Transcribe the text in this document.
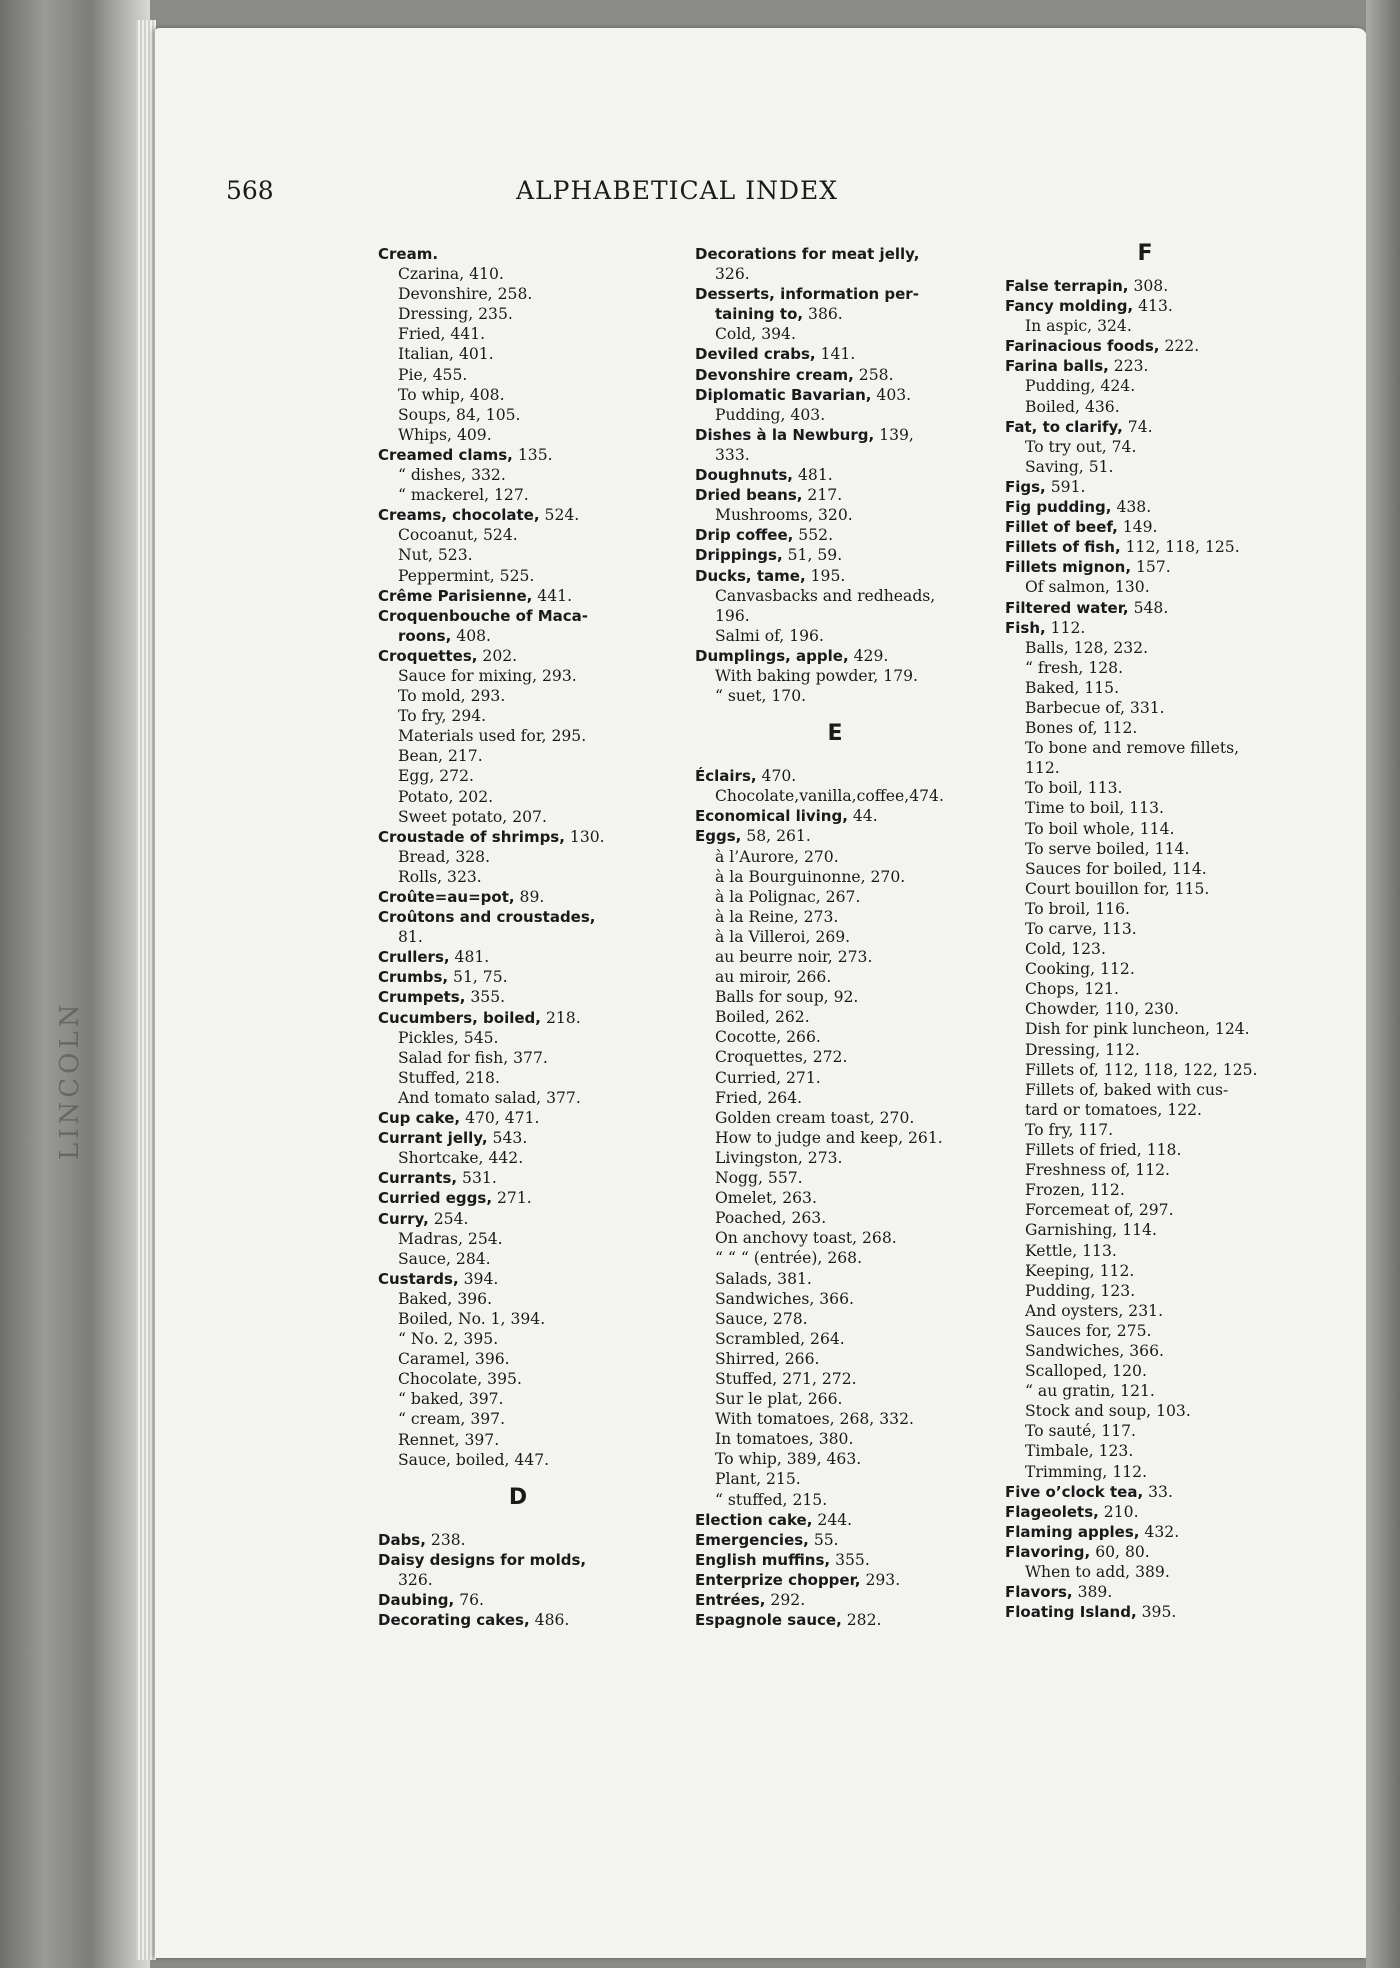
LINCOLN
568	ALPHABETICAL INDEX
Cream.
Czarina, 410.
Devonshire, 258.
Dressing, 235.
Fried, 441.
Italian, 401.
Pie, 455.
To whip, 408.
Soups, 84, 105.
Whips, 409.
Creamed clams, 135.
“ dishes, 332.
“ mackerel, 127.
Creams, chocolate, 524.
Cocoanut, 524.
Nut, 523.
Peppermint, 525.
Crême Parisienne, 441.
Croquenbouche of Maca-
roons, 408.
Croquettes, 202.
Sauce for mixing, 293.
To mold, 293.
To fry, 294.
Materials used for, 295.
Bean, 217.
Egg, 272.
Potato, 202.
Sweet potato, 207.
Croustade of shrimps, 130.
Bread, 328.
Rolls, 323.
Croûte=au=pot, 89.
Croûtons and croustades,
81.
Crullers, 481.
Crumbs, 51, 75.
Crumpets, 355.
Cucumbers, boiled, 218.
Pickles, 545.
Salad for fish, 377.
Stuffed, 218.
And tomato salad, 377.
Cup cake, 470, 471.
Currant jelly, 543.
Shortcake, 442.
Currants, 531.
Curried eggs, 271.
Curry, 254.
Madras, 254.
Sauce, 284.
Custards, 394.
Baked, 396.
Boiled, No. 1, 394.
“ No. 2, 395.
Caramel, 396.
Chocolate, 395.
“ baked, 397.
“ cream, 397.
Rennet, 397.
Sauce, boiled, 447.
D
Dabs, 238.
Daisy designs for molds,
326.
Daubing, 76.
Decorating cakes, 486.
Decorations for meat jelly,
326.
Desserts, information per-
taining to, 386.
Cold, 394.
Deviled crabs, 141.
Devonshire cream, 258.
Diplomatic Bavarian, 403.
Pudding, 403.
Dishes à la Newburg, 139,
333.
Doughnuts, 481.
Dried beans, 217.
Mushrooms, 320.
Drip coffee, 552.
Drippings, 51, 59.
Ducks, tame, 195.
Canvasbacks and redheads,
196.
Salmi of, 196.
Dumplings, apple, 429.
With baking powder, 179.
“ suet, 170.
E
Éclairs, 470.
Chocolate,vanilla,coffee,474.
Economical living, 44.
Eggs, 58, 261.
à l’Aurore, 270.
à la Bourguinonne, 270.
à la Polignac, 267.
à la Reine, 273.
à la Villeroi, 269.
au beurre noir, 273.
au miroir, 266.
Balls for soup, 92.
Boiled, 262.
Cocotte, 266.
Croquettes, 272.
Curried, 271.
Fried, 264.
Golden cream toast, 270.
How to judge and keep, 261.
Livingston, 273.
Nogg, 557.
Omelet, 263.
Poached, 263.
On anchovy toast, 268.
“ “ “ (entrée), 268.
Salads, 381.
Sandwiches, 366.
Sauce, 278.
Scrambled, 264.
Shirred, 266.
Stuffed, 271, 272.
Sur le plat, 266.
With tomatoes, 268, 332.
In tomatoes, 380.
To whip, 389, 463.
Plant, 215.
“ stuffed, 215.
Election cake, 244.
Emergencies, 55.
English muffins, 355.
Enterprize chopper, 293.
Entrées, 292.
Espagnole sauce, 282.
F
False terrapin, 308.
Fancy molding, 413.
In aspic, 324.
Farinacious foods, 222.
Farina balls, 223.
Pudding, 424.
Boiled, 436.
Fat, to clarify, 74.
To try out, 74.
Saving, 51.
Figs, 591.
Fig pudding, 438.
Fillet of beef, 149.
Fillets of fish, 112, 118, 125.
Fillets mignon, 157.
Of salmon, 130.
Filtered water, 548.
Fish, 112.
Balls, 128, 232.
“ fresh, 128.
Baked, 115.
Barbecue of, 331.
Bones of, 112.
To bone and remove fillets,
112.
To boil, 113.
Time to boil, 113.
To boil whole, 114.
To serve boiled, 114.
Sauces for boiled, 114.
Court bouillon for, 115.
To broil, 116.
To carve, 113.
Cold, 123.
Cooking, 112.
Chops, 121.
Chowder, 110, 230.
Dish for pink luncheon, 124.
Dressing, 112.
Fillets of, 112, 118, 122, 125.
Fillets of, baked with cus-
tard or tomatoes, 122.
To fry, 117.
Fillets of fried, 118.
Freshness of, 112.
Frozen, 112.
Forcemeat of, 297.
Garnishing, 114.
Kettle, 113.
Keeping, 112.
Pudding, 123.
And oysters, 231.
Sauces for, 275.
Sandwiches, 366.
Scalloped, 120.
“ au gratin, 121.
Stock and soup, 103.
To sauté, 117.
Timbale, 123.
Trimming, 112.
Five o’clock tea, 33.
Flageolets, 210.
Flaming apples, 432.
Flavoring, 60, 80.
When to add, 389.
Flavors, 389.
Floating Island, 395.
